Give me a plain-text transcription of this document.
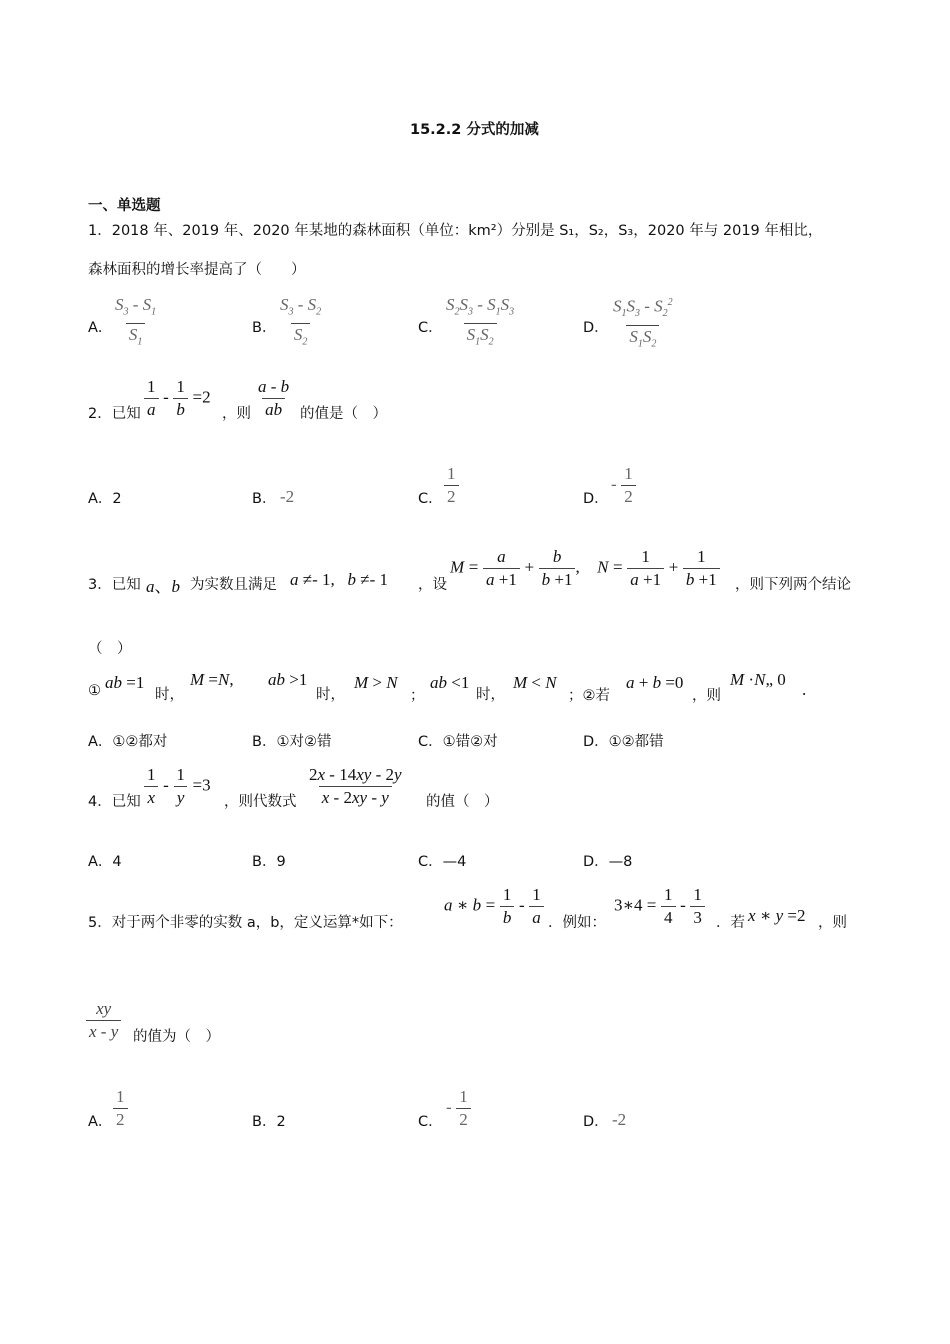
15.2.2 分式的加减
一、单选题
1．2018 年、2019 年、2020 年某地的森林面积（单位：km²）分别是 S₁，S₂，S₃，2020 年与 2019 年相比，
森林面积的增长率提高了（　　）
A． $\frac{S_3 - S_1}{S_1}$	B． $\frac{S_3 - S_2}{S_2}$	C． $\frac{S_2S_3 - S_1S_3}{S_1S_2}$	D． $\frac{S_1S_3 - S_2^2}{S_1S_2}$
2．已知 $\frac{1}{a} - \frac{1}{b} =2$
，则 $\frac{a - b}{ab}$ 的值是（　）
A．2	B． -2	C． $\frac{1}{2}$	D．
- $\frac{1}{2}$
3．已知 a、b 为实数且满足 a ≠- 1,   b ≠- 1 ，设
$M = \frac{a}{a +1} + \frac{b}{b +1}$ ,    $N = \frac{1}{a +1} + \frac{1}{b +1}$ ，则下列两个结论
（　）
① ab =1
时，
M =N, ab >1
时，
M > N
；
ab <1
时，
M < N
；②若
a + b =0
，则
M ·N„ 0
.
A．①②都对	B．①对②错	C．①错②对	D．①②都错
4．已知 $\frac{1}{x} - \frac{1}{y} =3$
，则代数式 $\frac{2x - 14xy - 2y}{x - 2xy - y}$ 的值（　）
A．4	B．9	C．—4	D．—8
5．对于两个非零的实数 a，b，定义运算*如下：
a ∗ $b = \frac{1}{b} - \frac{1}{a}$ ．例如：
3∗4 = $\frac{1}{4} - \frac{1}{3}$ ．若 x ∗ y =2 ，则
$\frac{xy}{x - y}$ 的值为（　）
A． $\frac{1}{2}$	B．2	C．
- $\frac{1}{2}$	D． -2
